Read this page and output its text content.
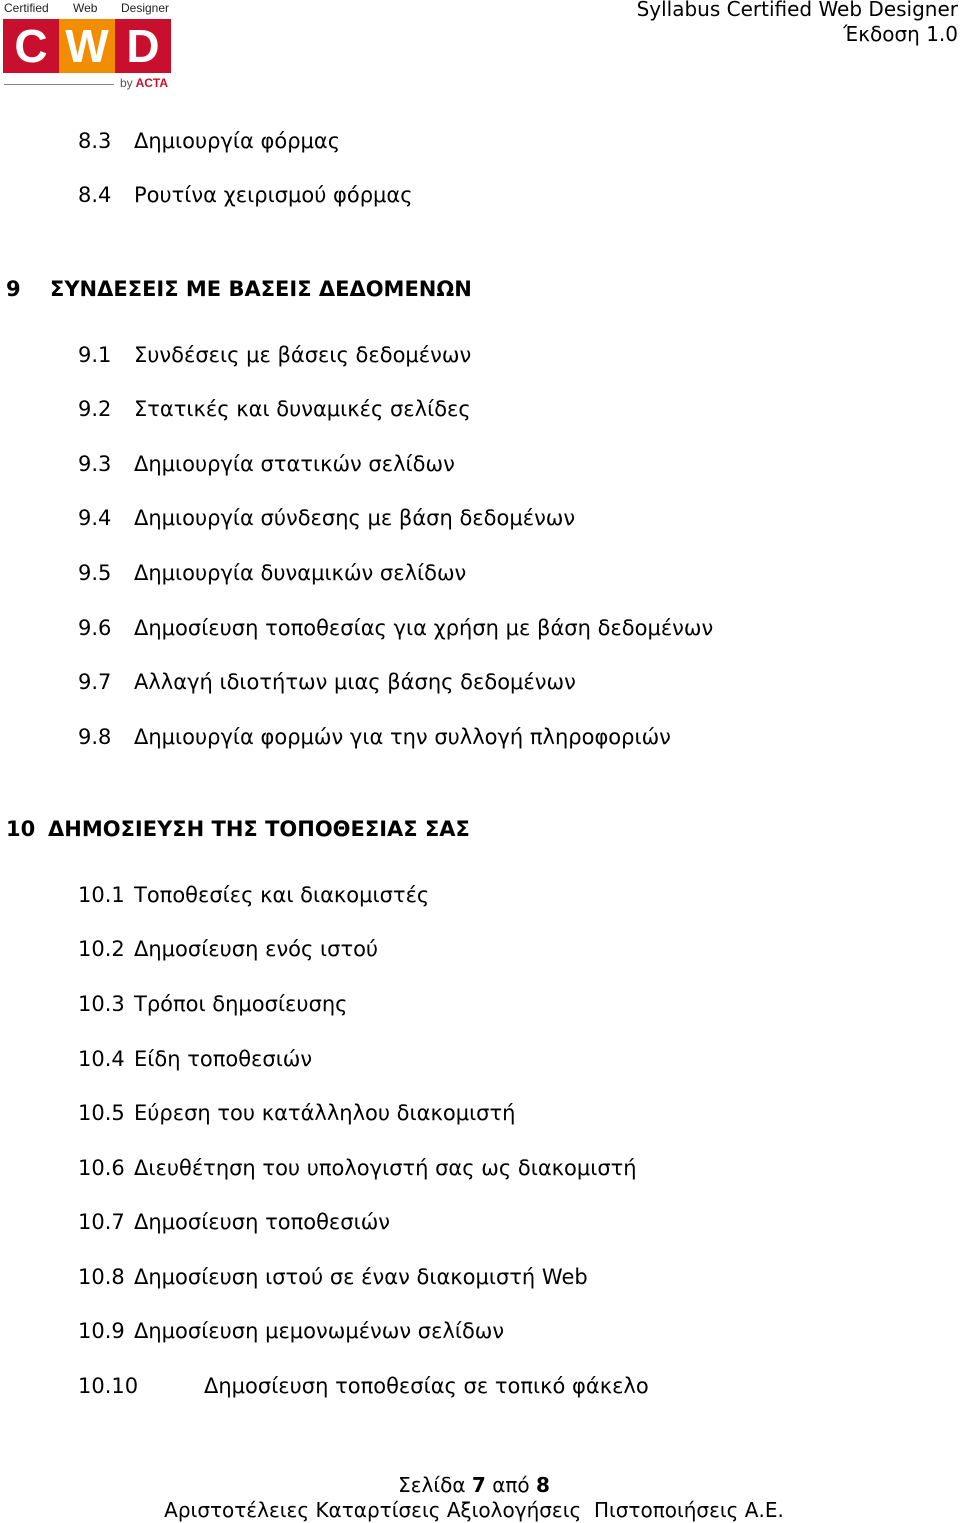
Certified Web Designer
C W D
by ACTA
Syllabus Certified Web Designer
Έκδοση 1.0
8.3 Δημιουργία φόρμας
8.4 Ρουτίνα χειρισμού φόρμας
9 ΣΥΝΔΕΣΕΙΣ ΜΕ ΒΑΣΕΙΣ ΔΕΔΟΜΕΝΩΝ
9.1 Συνδέσεις με βάσεις δεδομένων
9.2 Στατικές και δυναμικές σελίδες
9.3 Δημιουργία στατικών σελίδων
9.4 Δημιουργία σύνδεσης με βάση δεδομένων
9.5 Δημιουργία δυναμικών σελίδων
9.6 Δημοσίευση τοποθεσίας για χρήση με βάση δεδομένων
9.7 Αλλαγή ιδιοτήτων μιας βάσης δεδομένων
9.8 Δημιουργία φορμών για την συλλογή πληροφοριών
10 ΔΗΜΟΣΙΕΥΣΗ ΤΗΣ ΤΟΠΟΘΕΣΙΑΣ ΣΑΣ
10.1 Τοποθεσίες και διακομιστές
10.2 Δημοσίευση ενός ιστού
10.3 Τρόποι δημοσίευσης
10.4 Είδη τοποθεσιών
10.5 Εύρεση του κατάλληλου διακομιστή
10.6 Διευθέτηση του υπολογιστή σας ως διακομιστή
10.7 Δημοσίευση τοποθεσιών
10.8 Δημοσίευση ιστού σε έναν διακομιστή Web
10.9 Δημοσίευση μεμονωμένων σελίδων
10.10	Δημοσίευση τοποθεσίας σε τοπικό φάκελο
Σελίδα 7 από 8
Αριστοτέλειες Καταρτίσεις Αξιολογήσεις  Πιστοποιήσεις Α.Ε.
